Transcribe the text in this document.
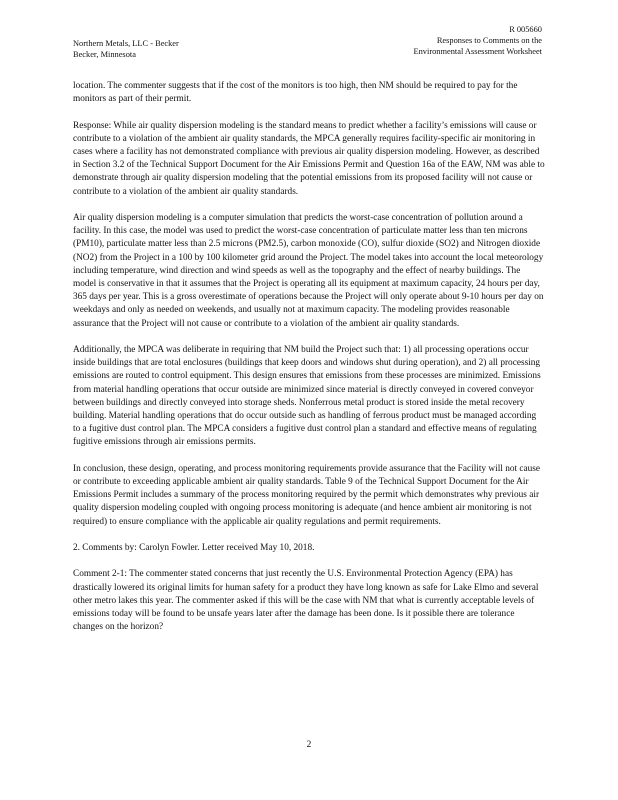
Northern Metals, LLC - Becker
Becker, Minnesota
R 005660
Responses to Comments on the
Environmental Assessment Worksheet

location. The commenter suggests that if the cost of the monitors is too high, then NM should be required to pay for the monitors as part of their permit.

Response: While air quality dispersion modeling is the standard means to predict whether a facility’s emissions will cause or contribute to a violation of the ambient air quality standards, the MPCA generally requires facility-specific air monitoring in cases where a facility has not demonstrated compliance with previous air quality dispersion modeling. However, as described in Section 3.2 of the Technical Support Document for the Air Emissions Permit and Question 16a of the EAW, NM was able to demonstrate through air quality dispersion modeling that the potential emissions from its proposed facility will not cause or contribute to a violation of the ambient air quality standards.

Air quality dispersion modeling is a computer simulation that predicts the worst-case concentration of pollution around a facility. In this case, the model was used to predict the worst-case concentration of particulate matter less than ten microns (PM10), particulate matter less than 2.5 microns (PM2.5), carbon monoxide (CO), sulfur dioxide (SO2) and Nitrogen dioxide (NO2) from the Project in a 100 by 100 kilometer grid around the Project. The model takes into account the local meteorology including temperature, wind direction and wind speeds as well as the topography and the effect of nearby buildings. The model is conservative in that it assumes that the Project is operating all its equipment at maximum capacity, 24 hours per day, 365 days per year. This is a gross overestimate of operations because the Project will only operate about 9-10 hours per day on weekdays and only as needed on weekends, and usually not at maximum capacity. The modeling provides reasonable assurance that the Project will not cause or contribute to a violation of the ambient air quality standards.

Additionally, the MPCA was deliberate in requiring that NM build the Project such that: 1) all processing operations occur inside buildings that are total enclosures (buildings that keep doors and windows shut during operation), and 2) all processing emissions are routed to control equipment. This design ensures that emissions from these processes are minimized. Emissions from material handling operations that occur outside are minimized since material is directly conveyed in covered conveyor between buildings and directly conveyed into storage sheds. Nonferrous metal product is stored inside the metal recovery building. Material handling operations that do occur outside such as handling of ferrous product must be managed according to a fugitive dust control plan. The MPCA considers a fugitive dust control plan a standard and effective means of regulating fugitive emissions through air emissions permits.

In conclusion, these design, operating, and process monitoring requirements provide assurance that the Facility will not cause or contribute to exceeding applicable ambient air quality standards. Table 9 of the Technical Support Document for the Air Emissions Permit includes a summary of the process monitoring required by the permit which demonstrates why previous air quality dispersion modeling coupled with ongoing process monitoring is adequate (and hence ambient air monitoring is not required) to ensure compliance with the applicable air quality regulations and permit requirements.

2. Comments by: Carolyn Fowler. Letter received May 10, 2018.

Comment 2-1: The commenter stated concerns that just recently the U.S. Environmental Protection Agency (EPA) has drastically lowered its original limits for human safety for a product they have long known as safe for Lake Elmo and several other metro lakes this year. The commenter asked if this will be the case with NM that what is currently acceptable levels of emissions today will be found to be unsafe years later after the damage has been done. Is it possible there are tolerance changes on the horizon?

2
